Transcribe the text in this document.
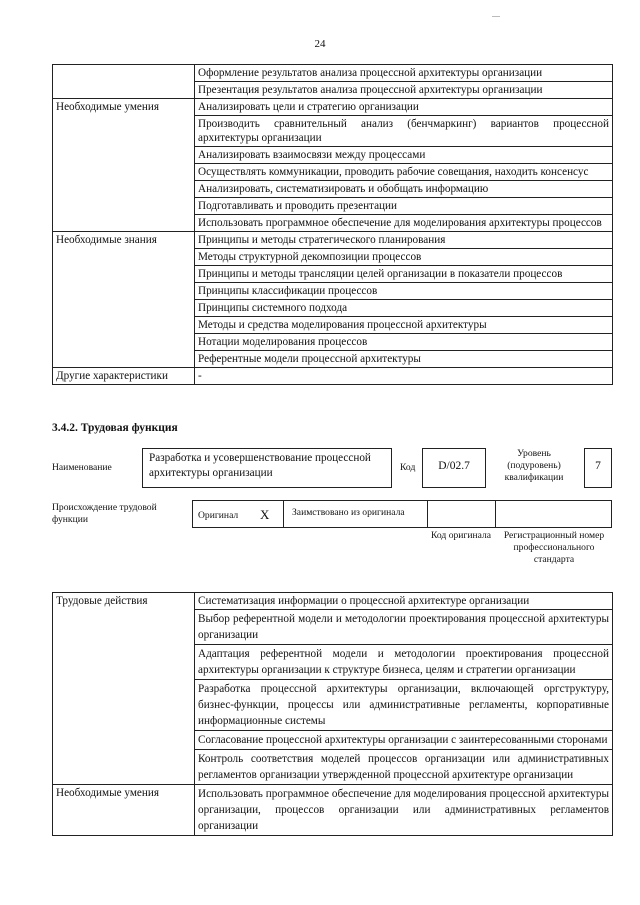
24
	Оформление результатов анализа процессной архитектуры организации
	Презентация результатов анализа процессной архитектуры организации
Необходимые умения	Анализировать цели и стратегию организации
	Производить сравнительный анализ (бенчмаркинг) вариантов процессной архитектуры организации
	Анализировать взаимосвязи между процессами
	Осуществлять коммуникации, проводить рабочие совещания, находить консенсус
	Анализировать, систематизировать и обобщать информацию
	Подготавливать и проводить презентации
	Использовать программное обеспечение для моделирования архитектуры процессов
Необходимые знания	Принципы и методы стратегического планирования
	Методы структурной декомпозиции процессов
	Принципы и методы трансляции целей организации в показатели процессов
	Принципы классификации процессов
	Принципы системного подхода
	Методы и средства моделирования процессной архитектуры
	Нотации моделирования процессов
	Референтные модели процессной архитектуры
Другие характеристики	-
3.4.2. Трудовая функция
Наименование
Разработка и усовершенствование процессной архитектуры организации	Код	D/02.7
Уровень (подуровень) квалификации
7
Происхождение трудовой функции	Оригинал X	Заимствовано из оригинала
Код оригинала	Регистрационный номер профессионального стандарта
Трудовые действия	Систематизация информации о процессной архитектуре организации
	Выбор референтной модели и методологии проектирования процессной архитектуры организации
	Адаптация референтной модели и методологии проектирования процессной архитектуры организации к структуре бизнеса, целям и стратегии организации
	Разработка процессной архитектуры организации, включающей оргструктуру, бизнес-функции, процессы или административные регламенты, корпоративные информационные системы
	Согласование процессной архитектуры организации с заинтересованными сторонами
	Контроль соответствия моделей процессов организации или административных регламентов организации утвержденной процессной архитектуре организации
Необходимые умения	Использовать программное обеспечение для моделирования процессной архитектуры организации, процессов организации или административных регламентов организации
